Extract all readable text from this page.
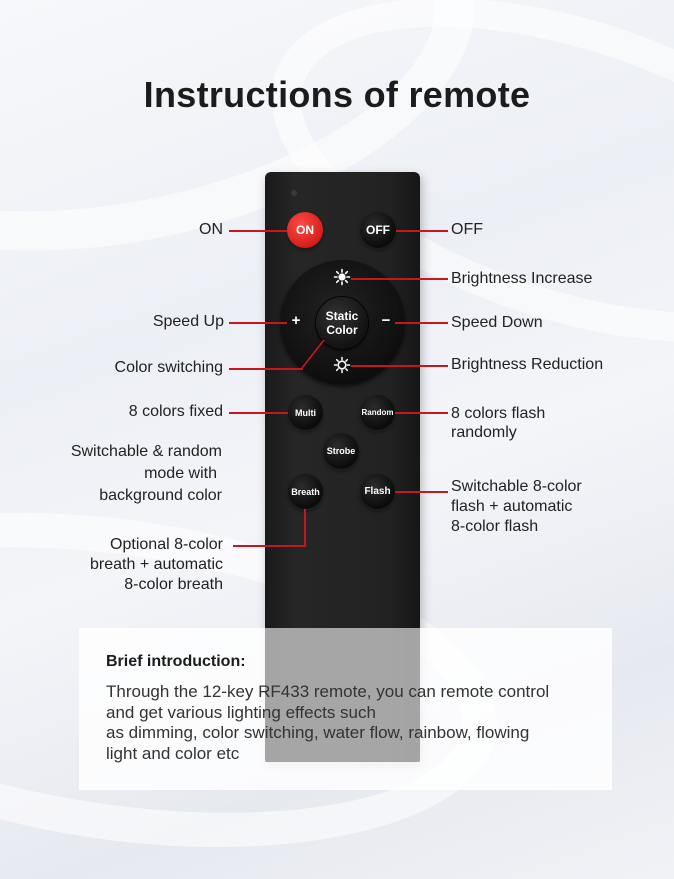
Instructions of remote
ON	OFF
+	−
Static
Color
Multi	Random
Strobe
Breath	Flash
ON	OFF
Brightness Increase
Speed Up	Speed Down
Color switching	Brightness Reduction
8 colors fixed	8 colors flash
randomly
Switchable & random
mode with
background color
Switchable 8-color
flash + automatic
8-color flash
Optional 8-color
breath + automatic
8-color breath
Brief introduction:
Through the 12-key RF433 remote, you can remote control
and get various lighting effects such
as dimming, color switching, water flow, rainbow, flowing
light and color etc
